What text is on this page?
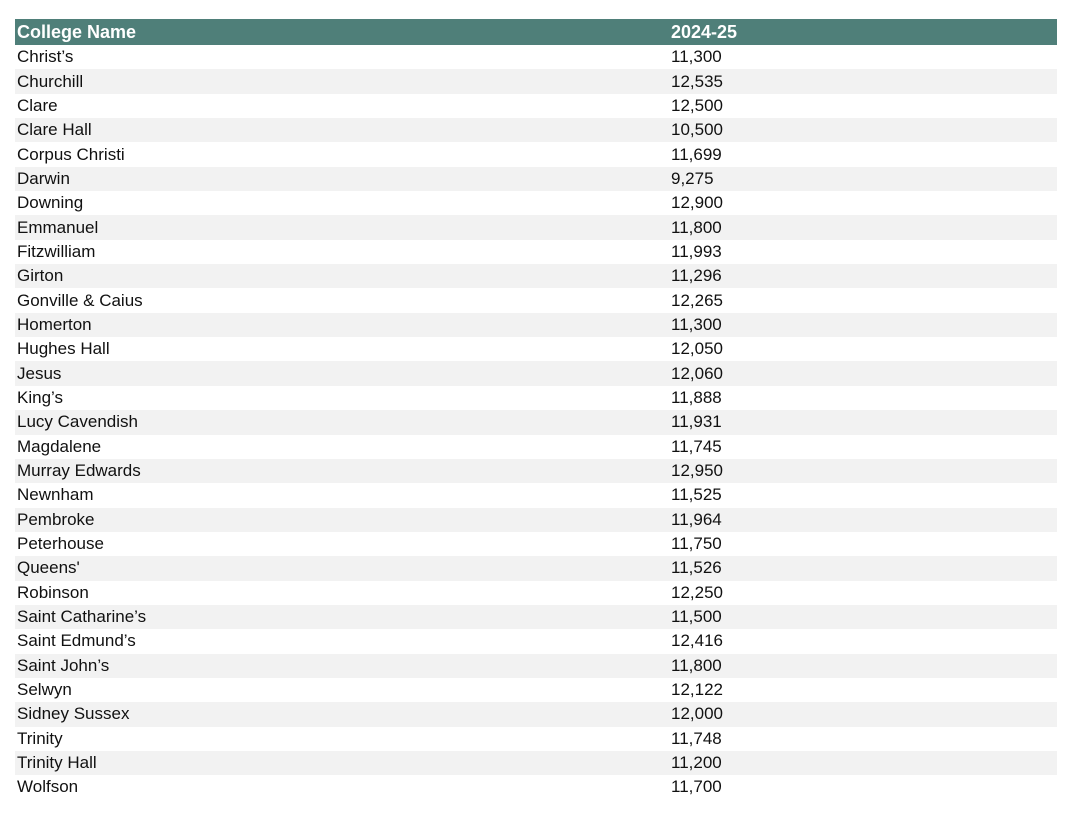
College Name	2024-25
Christ’s	11,300
Churchill	12,535
Clare	12,500
Clare Hall	10,500
Corpus Christi	11,699
Darwin	9,275
Downing	12,900
Emmanuel	11,800
Fitzwilliam	11,993
Girton	11,296
Gonville & Caius	12,265
Homerton	11,300
Hughes Hall	12,050
Jesus	12,060
King’s	11,888
Lucy Cavendish	11,931
Magdalene	11,745
Murray Edwards	12,950
Newnham	11,525
Pembroke	11,964
Peterhouse	11,750
Queens'	11,526
Robinson	12,250
Saint Catharine’s	11,500
Saint Edmund’s	12,416
Saint John’s	11,800
Selwyn	12,122
Sidney Sussex	12,000
Trinity	11,748
Trinity Hall	11,200
Wolfson	11,700
